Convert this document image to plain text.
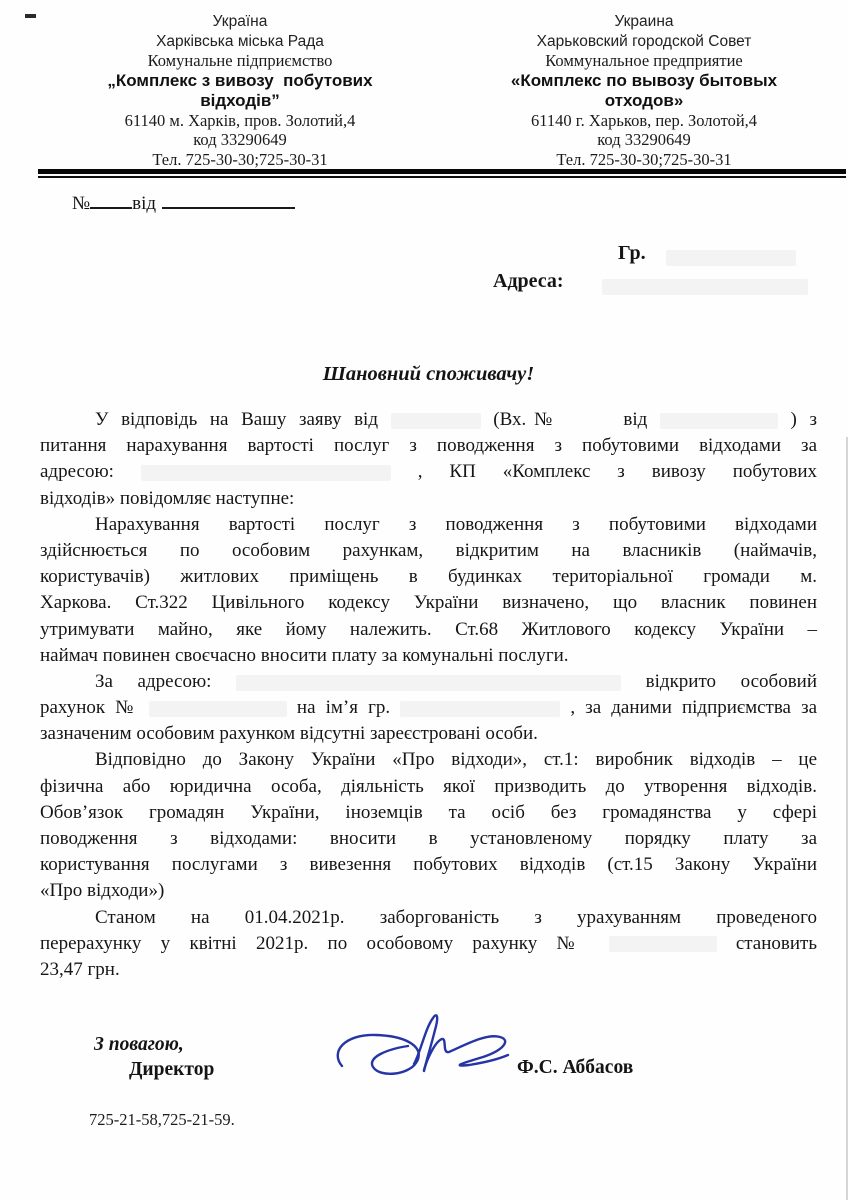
Україна
Харківська міська Рада
Комунальне підприємство
„Комплекс з вивозу  побутових
відходів”
61140 м. Харків, пров. Золотий,4
код 33290649
Тел. 725-30-30;725-30-31
Украина
Харьковский городской Совет
Коммунальное предприятие
«Комплекс по вывозу бытовых
отходов»
61140 г. Харьков, пер. Золотой,4
код 33290649
Тел. 725-30-30;725-30-31
№ від
Гр.
Адреса:
Шановний споживачу!
У відповідь на Вашу заяву від	(Вх.№	від	) з
питання нарахування вартості послуг з поводження з побутовими відходами за
адресою:	, КП «Комплекс з вивозу побутових
відходів» повідомляє наступне:
Нарахування вартості послуг з поводження з побутовими відходами
здійснюється по особовим рахункам, відкритим на власників (наймачів,
користувачів) житлових приміщень в будинках територіальної громади м.
Харкова. Ст.322 Цивільного кодексу України визначено, що власник повинен
утримувати майно, яке йому належить. Ст.68 Житлового кодексу України –
наймач повинен своєчасно вносити плату за комунальні послуги.
За адресою:	відкрито особовий
рахунок №	на ім’я гр.	, за даними підприємства за
зазначеним особовим рахунком відсутні зареєстровані особи.
Відповідно до Закону України «Про відходи», ст.1: виробник відходів – це
фізична або юридична особа, діяльність якої призводить до утворення відходів.
Обов’язок громадян України, іноземців та осіб без громадянства у сфері
поводження з відходами: вносити в установленому порядку плату за
користування послугами з вивезення побутових відходів (ст.15 Закону України
«Про відходи»)
Станом на 01.04.2021р. заборгованість з урахуванням проведеного
перерахунку у квітні 2021р. по особовому рахунку №	становить
23,47 грн.
З повагою,
Директор	Ф.С. Аббасов
725-21-58,725-21-59.
